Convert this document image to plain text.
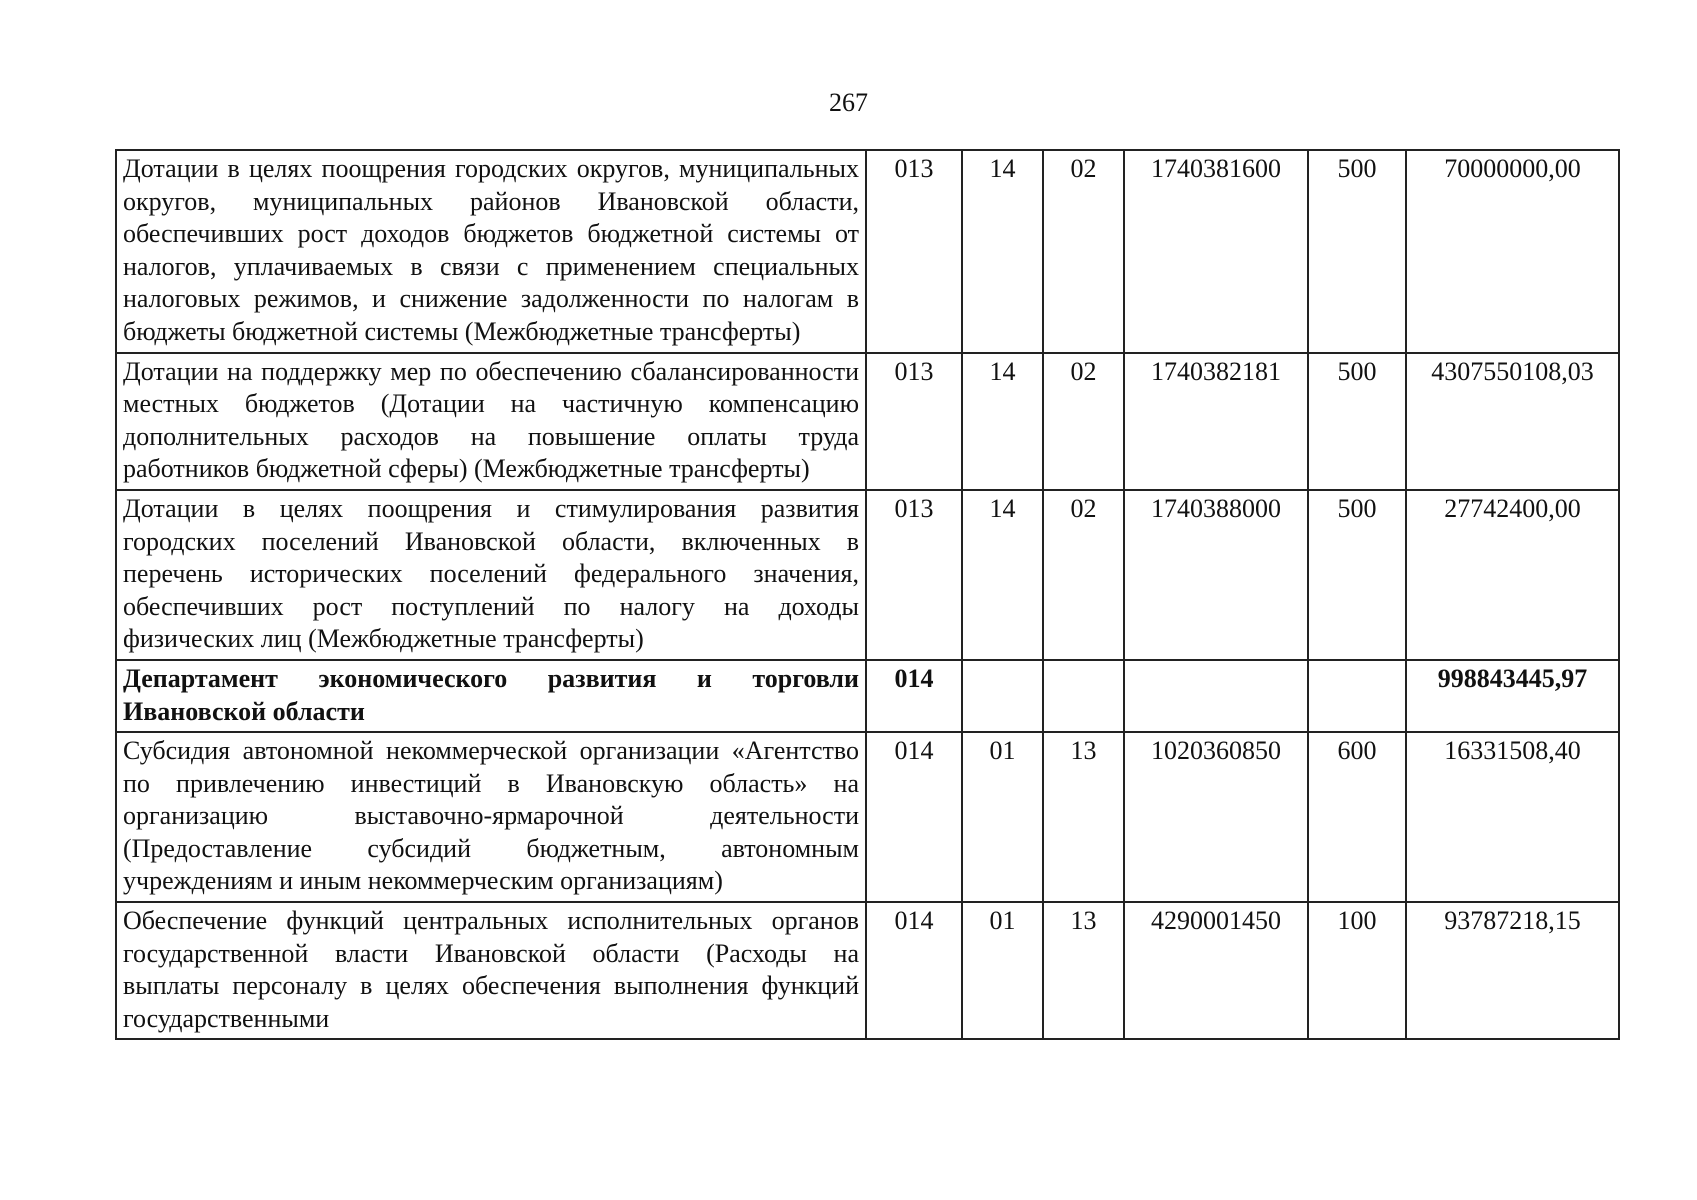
267
Дотации в целях поощрения городских округов, муниципальных округов, муниципальных районов Ивановской области, обеспечивших рост доходов бюджетов бюджетной системы от налогов, уплачиваемых в связи с применением специальных налоговых режимов, и снижение задолженности по налогам в бюджеты бюджетной системы (Межбюджетные трансферты)	013	14	02	1740381600	500	70000000,00
Дотации на поддержку мер по обеспечению сбалансированности местных бюджетов (Дотации на частичную компенсацию дополнительных расходов на повышение оплаты труда работников бюджетной сферы) (Межбюджетные трансферты)	013	14	02	1740382181	500	4307550108,03
Дотации в целях поощрения и стимулирования развития городских поселений Ивановской области, включенных в перечень исторических поселений федерального значения, обеспечивших рост поступлений по налогу на доходы физических лиц (Межбюджетные трансферты)	013	14	02	1740388000	500	27742400,00
Департамент экономического развития и торговли Ивановской области	014					998843445,97
Субсидия автономной некоммерческой организации «Агентство по привлечению инвестиций в Ивановскую область» на организацию выставочно-ярмарочной деятельности (Предоставление субсидий бюджетным, автономным учреждениям и иным некоммерческим организациям)	014	01	13	1020360850	600	16331508,40
Обеспечение функций центральных исполнительных органов государственной власти Ивановской области (Расходы на выплаты персоналу в целях обеспечения выполнения функций государственными	014	01	13	4290001450	100	93787218,15
